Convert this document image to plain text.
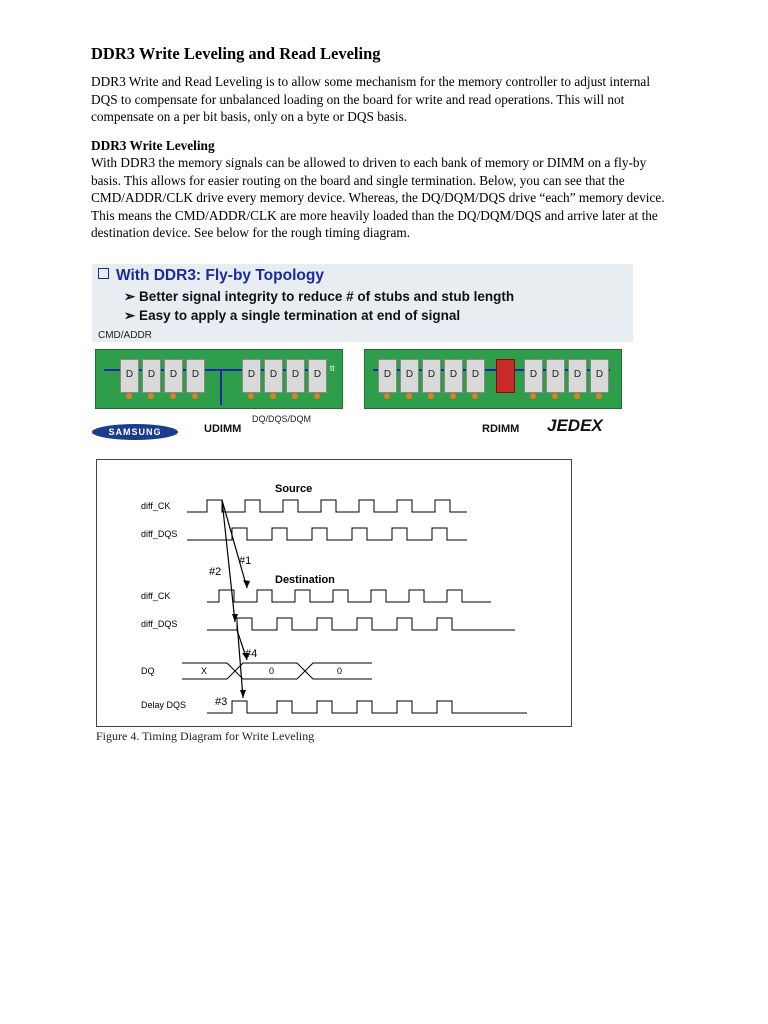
DDR3 Write Leveling and Read Leveling

DDR3 Write and Read Leveling is to allow some mechanism for the memory controller to adjust internal DQS to compensate for unbalanced loading on the board for write and read operations. This will not compensate on a per bit basis, only on a byte or DQS basis.

DDR3 Write Leveling

With DDR3 the memory signals can be allowed to driven to each bank of memory or DIMM on a fly-by basis. This allows for easier routing on the board and single termination. Below, you can see that the CMD/ADDR/CLK drive every memory device. Whereas, the DQ/DQM/DQS drive “each” memory device. This means the CMD/ADDR/CLK are more heavily loaded than the DQ/DQM/DQS and arrive later at the destination device. See below for the rough timing diagram.

With DDR3: Fly-by Topology
➢ Better signal integrity to reduce # of stubs and stub length
➢ Easy to apply a single termination at end of signal
CMD/ADDR
D	D	D	D	D	D	D	D
tt
D	D	D	D	D	D	D	D	D
UDIMM
DQ/DQS/DQM
RDIMM
SAMSUNG	JEDEX
diff_CK
diff_DQS
diff_CK
diff_DQS
DQ
Delay DQS
X	0	0
Source
Destination
#1
#2
#3
#4
Figure 4. Timing Diagram for Write Leveling
